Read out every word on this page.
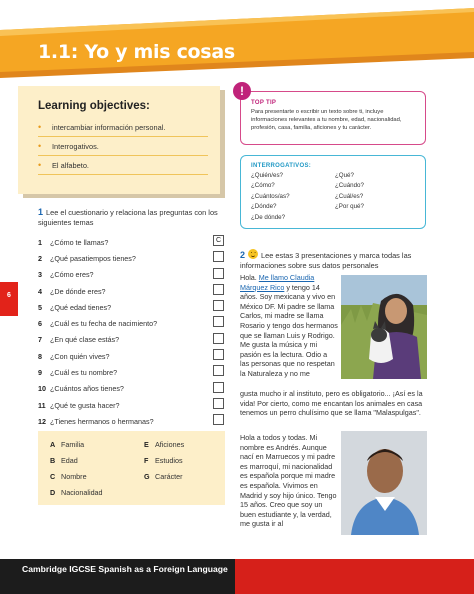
1.1: Yo y mis cosas
6
Learning objectives:
• intercambiar información personal.
• Interrogativos.
• El alfabeto.
TOP TIP
Para presentarte o escribir un texto sobre ti, incluye informaciones relevantes a tu nombre, edad, nacionalidad, profesión, casa, familia, aficiones y tu carácter.
!
INTERROGATIVOS:
¿Quién/es?	¿Qué?
¿Cómo?	¿Cuándo?
¿Cuántos/as?	¿Cuál/es?
¿Dónde?	¿Por qué?
¿De dónde?
1 Lee el cuestionario y relaciona las preguntas con los siguientes temas
1	¿Cómo te llamas?	C
2	¿Qué pasatiempos tienes?
3	¿Cómo eres?
4	¿De dónde eres?
5	¿Qué edad tienes?
6	¿Cuál es tu fecha de nacimiento?
7	¿En qué clase estás?
8	¿Con quién vives?
9	¿Cuál es tu nombre?
10 ¿Cuántos años tienes?
11 ¿Qué te gusta hacer?
12 ¿Tienes hermanos o hermanas?
A Familia
B Edad
C Nombre
D Nacionalidad
E Aficiones
F Estudios
G Carácter
2 Lee estas 3 presentaciones y marca todas las informaciones sobre sus datos personales
Hola. Me llamo Claudia Márquez Rico y tengo 14 años. Soy mexicana y vivo en México DF. Mi padre se llama Carlos, mi madre se llama Rosario y tengo dos hermanos que se llaman Luis y Rodrigo. Me gusta la música y mi pasión es la lectura. Odio a las personas que no respetan la Naturaleza y no me
gusta mucho ir al instituto, pero es obligatorio... ¡Así es la vida! Por cierto, como me encantan los animales en casa tenemos un perro chulísimo que se llama "Malaspulgas".
Hola a todos y todas. Mi nombre es Andrés. Aunque nací en Marruecos y mi padre es marroquí, mi nacionalidad es española porque mi madre es española. Vivimos en Madrid y soy hijo único. Tengo 15 años. Creo que soy un buen estudiante y, la verdad, me gusta ir al
Cambridge IGCSE Spanish as a Foreign Language
